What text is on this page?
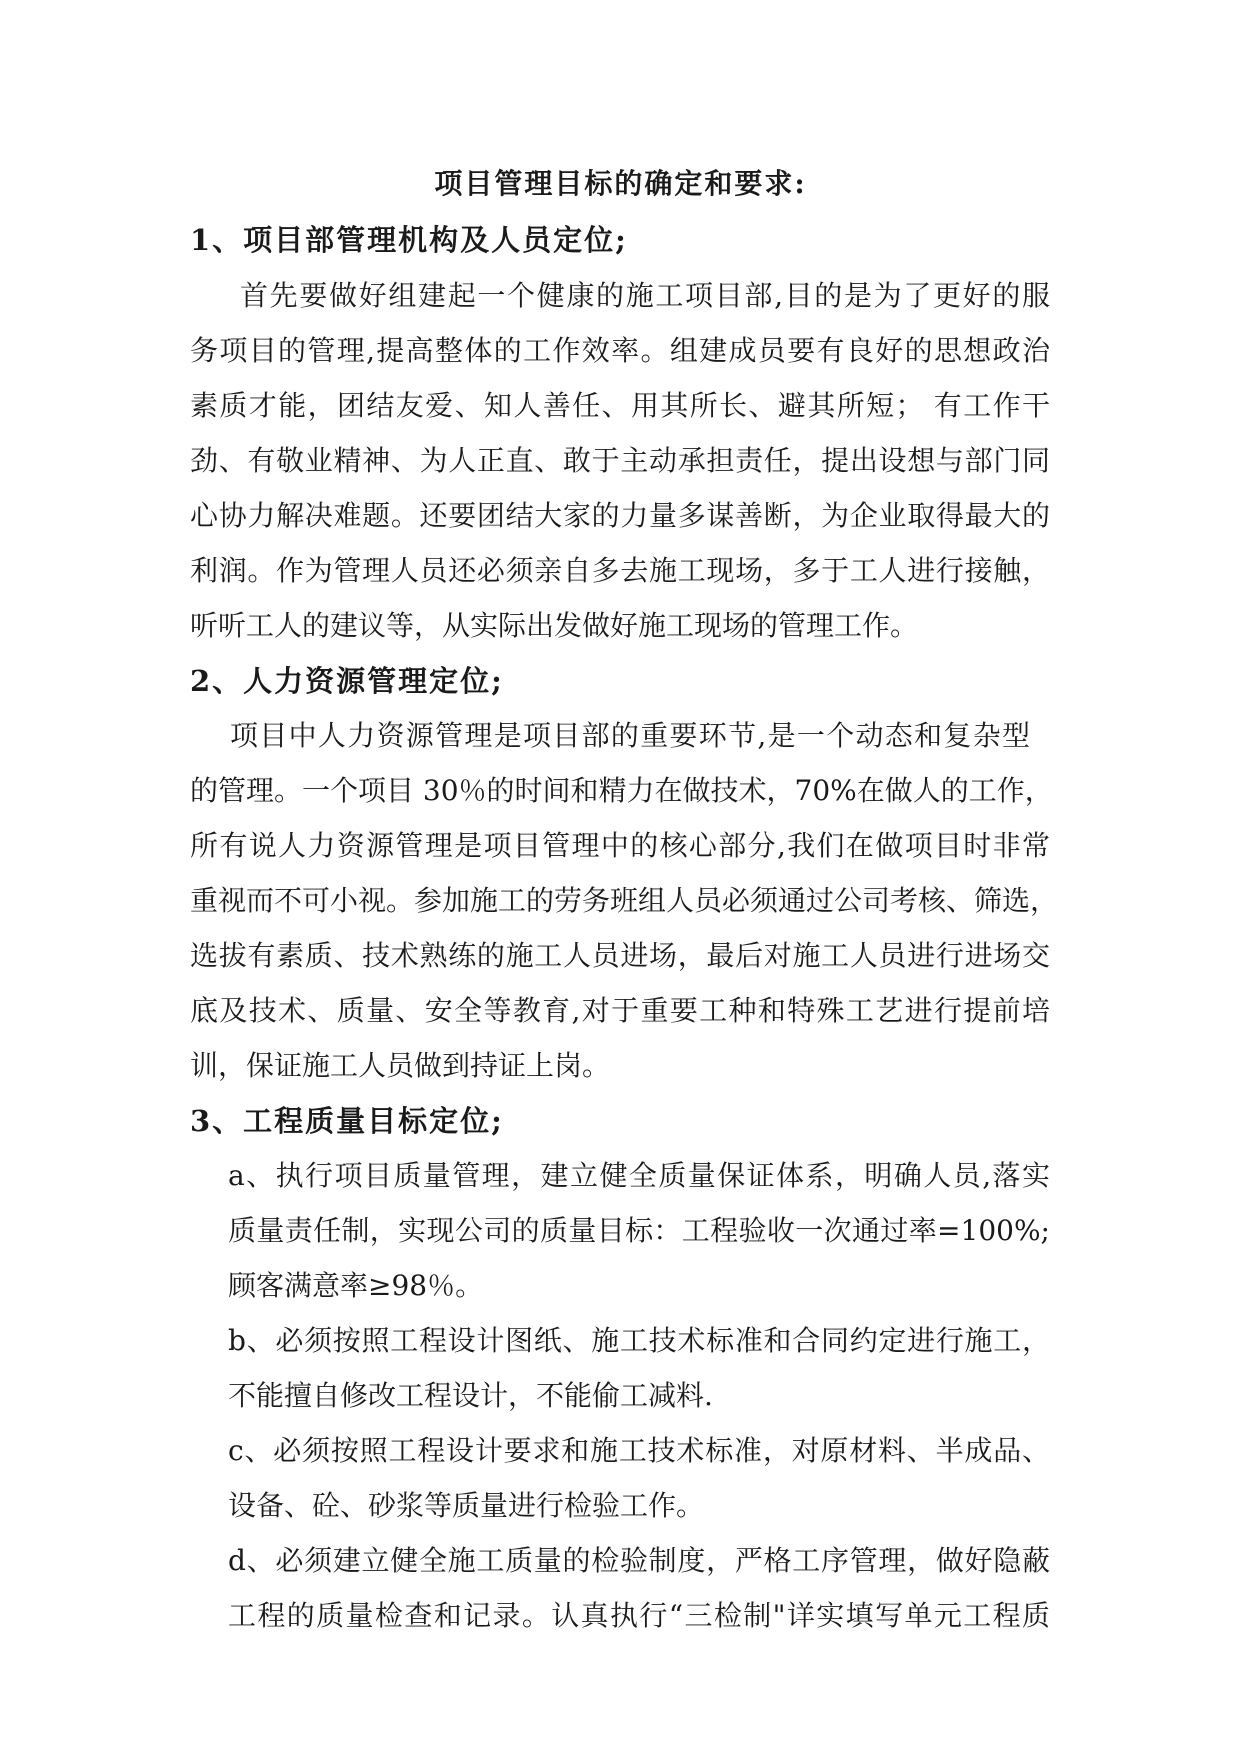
项目管理目标的确定和要求:
1、项目部管理机构及人员定位;
首先要做好组建起一个健康的施工项目部,目的是为了更好的服
务项目的管理,提高整体的工作效率。组建成员要有良好的思想政治
素质才能，团结友爱、知人善任、用其所长、避其所短； 有工作干
劲、有敬业精神、为人正直、敢于主动承担责任，提出设想与部门同
心协力解决难题。还要团结大家的力量多谋善断，为企业取得最大的
利润。作为管理人员还必须亲自多去施工现场，多于工人进行接触，
听听工人的建议等，从实际出发做好施工现场的管理工作。
2、人力资源管理定位;
项目中人力资源管理是项目部的重要环节,是一个动态和复杂型
的管理。一个项目 30％的时间和精力在做技术，70%在做人的工作，
所有说人力资源管理是项目管理中的核心部分,我们在做项目时非常
重视而不可小视。参加施工的劳务班组人员必须通过公司考核、筛选，
选拔有素质、技术熟练的施工人员进场，最后对施工人员进行进场交
底及技术、质量、安全等教育,对于重要工种和特殊工艺进行提前培
训，保证施工人员做到持证上岗。
3、工程质量目标定位;
a、执行项目质量管理，建立健全质量保证体系，明确人员,落实
质量责任制，实现公司的质量目标：工程验收一次通过率=100%;
顾客满意率≥98％。
b、必须按照工程设计图纸、施工技术标准和合同约定进行施工，
不能擅自修改工程设计，不能偷工减料.
c、必须按照工程设计要求和施工技术标准，对原材料、半成品、
设备、砼、砂浆等质量进行检验工作。
d、必须建立健全施工质量的检验制度，严格工序管理，做好隐蔽
工程的质量检查和记录。认真执行“三检制"详实填写单元工程质
